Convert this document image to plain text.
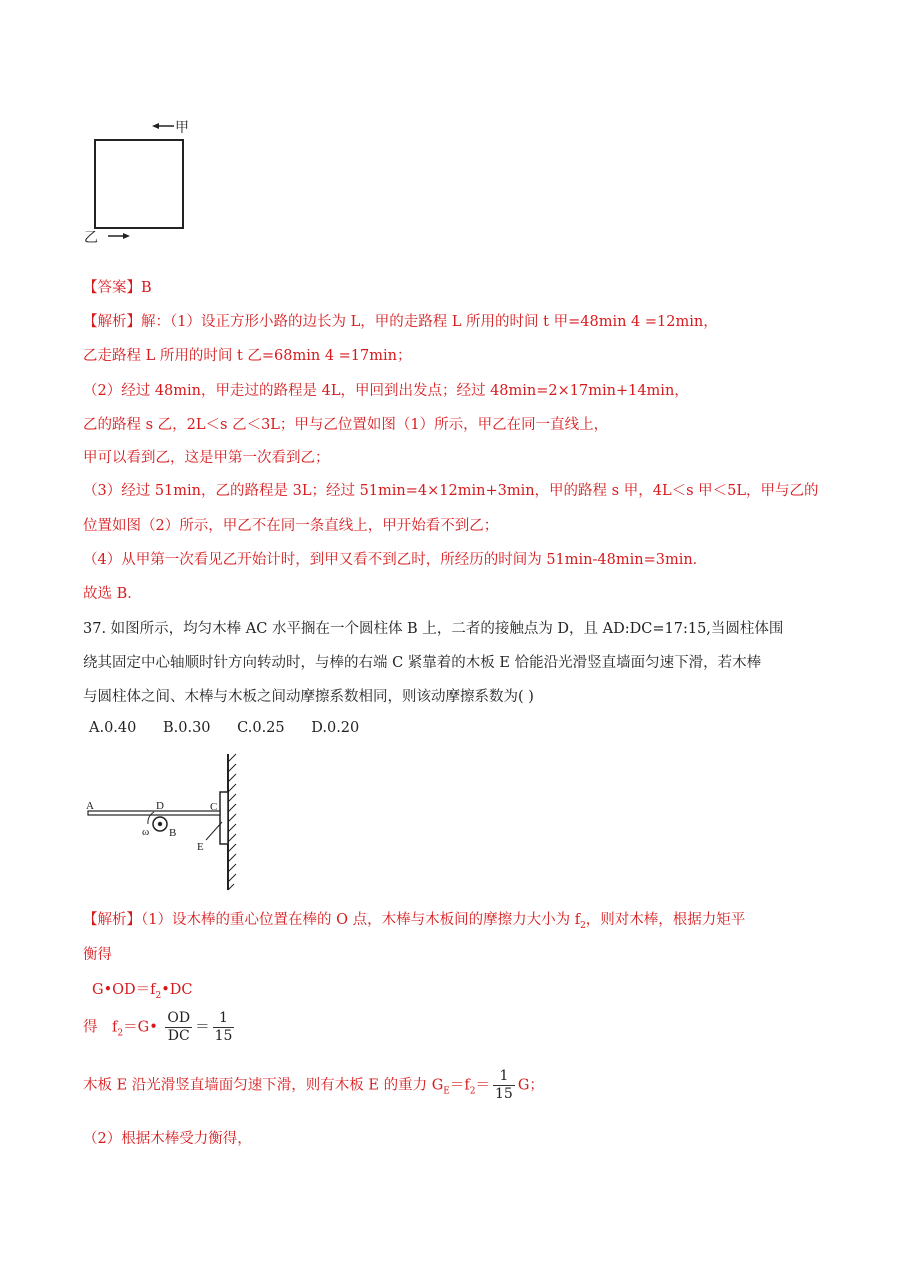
甲
乙
【答案】B
【解析】解：（1）设正方形小路的边长为 L，甲的走路程 L 所用的时间 t 甲=48min 4 =12min，
乙走路程 L 所用的时间 t 乙=68min 4 =17min；
（2）经过 48min，甲走过的路程是 4L，甲回到出发点；经过 48min=2×17min+14min，
乙的路程 s 乙，2L＜s 乙＜3L；甲与乙位置如图（1）所示，甲乙在同一直线上，
甲可以看到乙，这是甲第一次看到乙；
（3）经过 51min，乙的路程是 3L；经过 51min=4×12min+3min，甲的路程 s 甲，4L＜s 甲＜5L，甲与乙的
位置如图（2）所示，甲乙不在同一条直线上，甲开始看不到乙；
（4）从甲第一次看见乙开始计时，到甲又看不到乙时，所经历的时间为 51min-48min=3min．
故选 B．
37. 如图所示，均匀木棒 AC 水平搁在一个圆柱体 B 上，二者的接触点为 D，且 AD:DC=17:15,当圆柱体围
绕其固定中心轴顺时针方向转动时，与棒的右端 C 紧靠着的木板 E 恰能沿光滑竖直墙面匀速下滑，若木棒
与圆柱体之间、木棒与木板之间动摩擦系数相同，则该动摩擦系数为( )
A.0.40 B.0.30 C.0.25 D.0.20
A	D	C
ω B
E
【解析】（1）设木棒的重心位置在棒的 O 点，木棒与木板间的摩擦力大小为 $f_2$，则对木棒，根据力矩平
衡得
$G•OD=f_2•DC$
得　$f_2=G• \frac{OD}{DC} = \frac{1}{15}$
木板 E 沿光滑竖直墙面匀速下滑，则有木板 E 的重力 $G_E=f_2= \frac{1}{15}$ G；
（2）根据木棒受力衡得，
